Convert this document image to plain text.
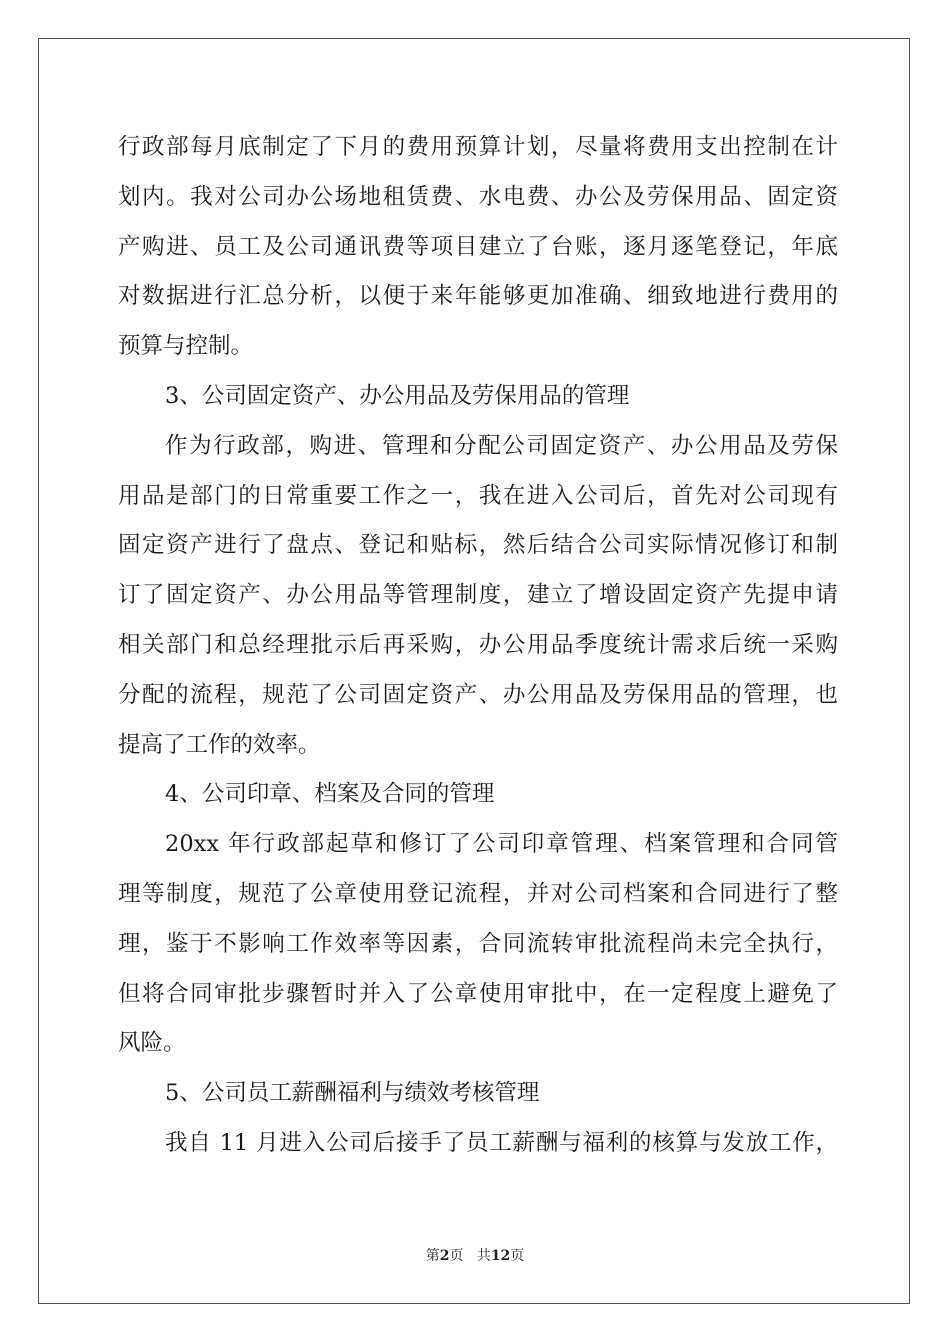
行政部每月底制定了下月的费用预算计划，尽量将费用支出控制在计
划内。我对公司办公场地租赁费、水电费、办公及劳保用品、固定资
产购进、员工及公司通讯费等项目建立了台账，逐月逐笔登记，年底
对数据进行汇总分析，以便于来年能够更加准确、细致地进行费用的
预算与控制。
3、公司固定资产、办公用品及劳保用品的管理
作为行政部，购进、管理和分配公司固定资产、办公用品及劳保
用品是部门的日常重要工作之一，我在进入公司后，首先对公司现有
固定资产进行了盘点、登记和贴标，然后结合公司实际情况修订和制
订了固定资产、办公用品等管理制度，建立了增设固定资产先提申请
相关部门和总经理批示后再采购，办公用品季度统计需求后统一采购
分配的流程，规范了公司固定资产、办公用品及劳保用品的管理，也
提高了工作的效率。
4、公司印章、档案及合同的管理
20xx 年行政部起草和修订了公司印章管理、档案管理和合同管
理等制度，规范了公章使用登记流程，并对公司档案和合同进行了整
理，鉴于不影响工作效率等因素，合同流转审批流程尚未完全执行，
但将合同审批步骤暂时并入了公章使用审批中，在一定程度上避免了
风险。
5、公司员工薪酬福利与绩效考核管理
我自 11 月进入公司后接手了员工薪酬与福利的核算与发放工作，
第2页 共12页
